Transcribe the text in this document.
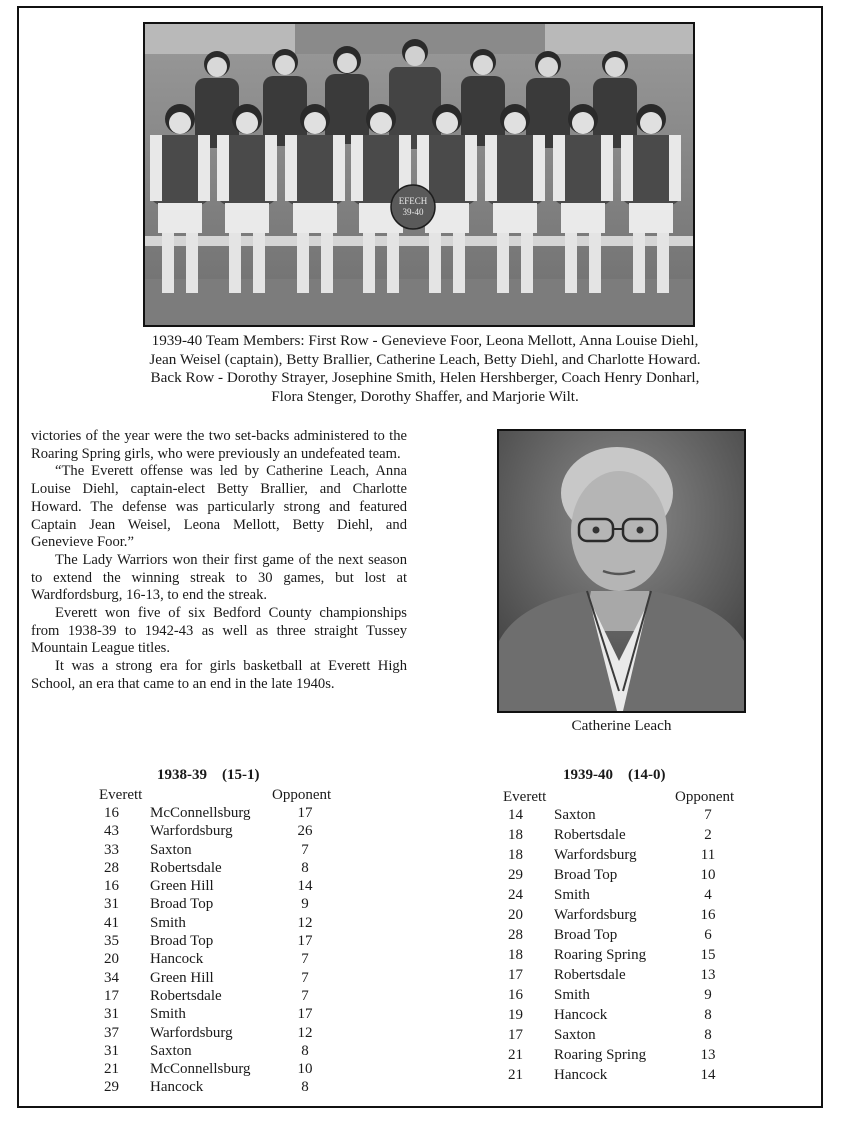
EFECH
39-40
1939-40 Team Members: First Row - Genevieve Foor, Leona Mellott, Anna Louise Diehl,
Jean Weisel (captain), Betty Brallier, Catherine Leach, Betty Diehl, and Charlotte Howard.
Back Row - Dorothy Strayer, Josephine Smith, Helen Hershberger, Coach Henry Donharl,
Flora Stenger, Dorothy Shaffer, and Marjorie Wilt.

victories of the year were the two set-backs administered to the Roaring Spring girls, who were previously an undefeated team.

“The Everett offense was led by Catherine Leach, Anna Louise Diehl, captain-elect Betty Brallier, and Charlotte Howard. The defense was particularly strong and featured Captain Jean Weisel, Leona Mellott, Betty Diehl, and Genevieve Foor.”

The Lady Warriors won their first game of the next season to extend the winning streak to 30 games, but lost at Wardfordsburg, 16-13, to end the streak.

Everett won five of six Bedford County championships from 1938-39 to 1942-43 as well as three straight Tussey Mountain League titles.

It was a strong era for girls basketball at Everett High School, an era that came to an end in the late 1940s.

Catherine Leach
1938-39    (15-1)
Everett	Opponent
16 McConnellsburg	17
43 Warfordsburg	26
33 Saxton	7
28 Robertsdale	8
16 Green Hill	14
31 Broad Top	9
41 Smith	12
35 Broad Top	17
20 Hancock	7
34 Green Hill	7
17 Robertsdale	7
31 Smith	17
37 Warfordsburg	12
31 Saxton	8
21 McConnellsburg	10
29 Hancock	8
1939-40    (14-0)
Everett	Opponent
14 Saxton	7
18 Robertsdale	2
18 Warfordsburg	11
29 Broad Top	10
24 Smith	4
20 Warfordsburg	16
28 Broad Top	6
18 Roaring Spring	15
17 Robertsdale	13
16 Smith	9
19 Hancock	8
17 Saxton	8
21 Roaring Spring	13
21 Hancock	14
